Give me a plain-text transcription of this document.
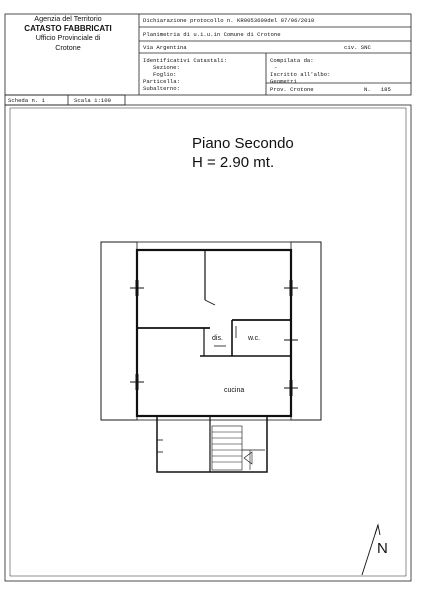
Agenzia del Territorio
CATASTO FABBRICATI
Ufficio Provinciale di
Crotone
Dichiarazione protocollo n. KR0053609del 07/06/2010
Planimetria di u.i.u.in Comune di Crotone
Via Argentina	civ. SNC
Identificativi Catastali:
Sezione:
Foglio:
Particella:
Subalterno:
Compilata da:
-
Iscritto all'albo:
Geometri
Prov. Crotone	N. 185
Scheda n. 1	Scala 1:100
Piano Secondo
H = 2.90 mt.
dis.	w.c.
cucina
N
